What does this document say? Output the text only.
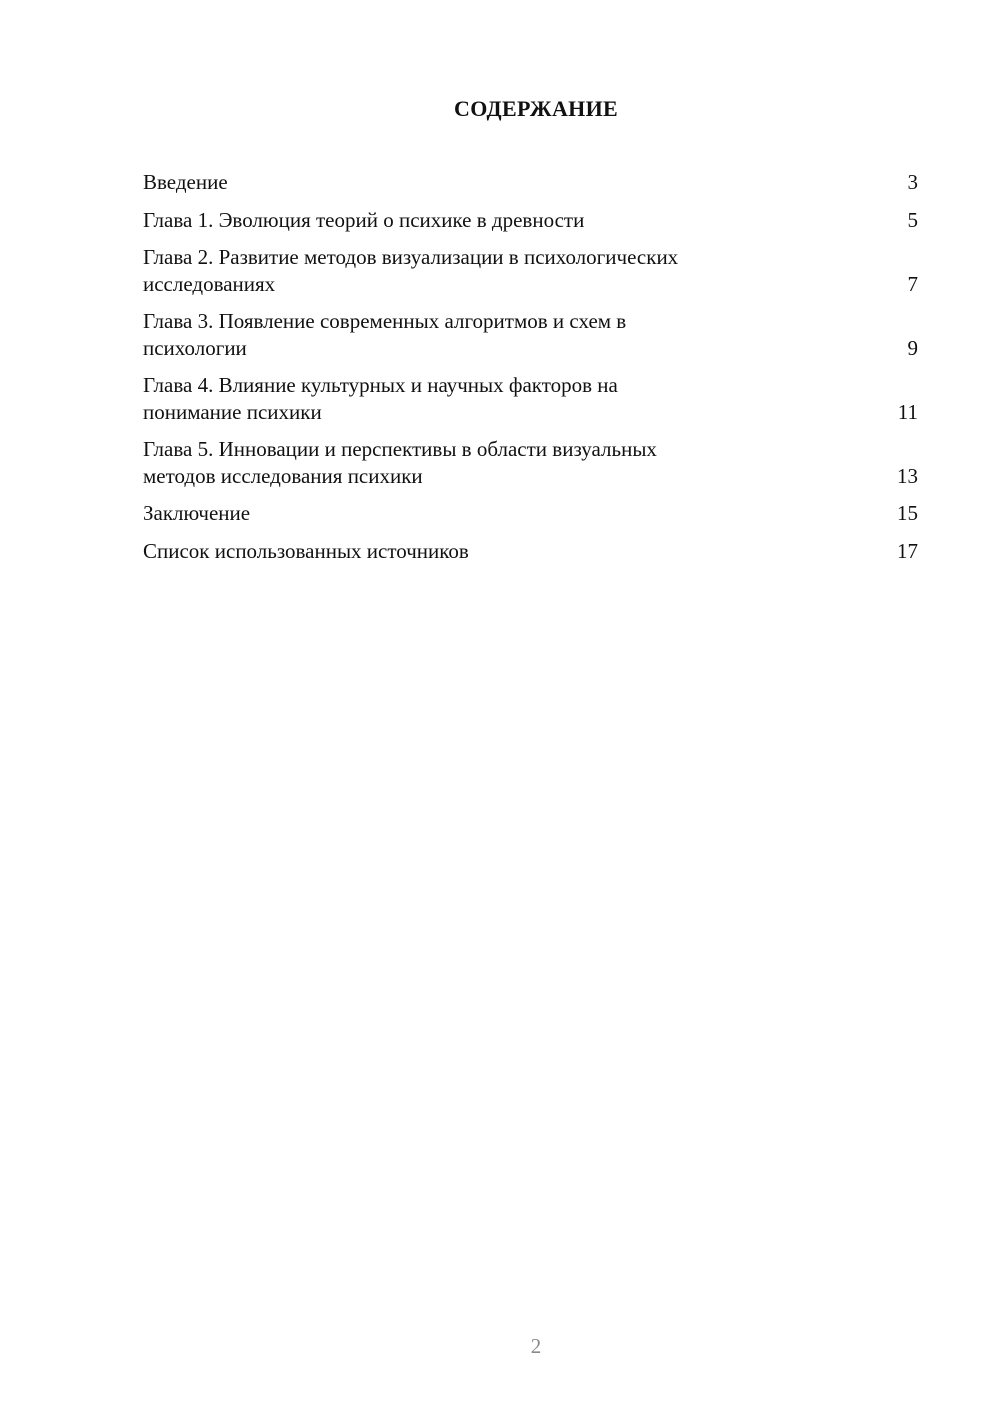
СОДЕРЖАНИЕ
Введение	3
Глава 1. Эволюция теорий о психике в древности	5
Глава 2. Развитие методов визуализации в психологических
исследованиях	7
Глава 3. Появление современных алгоритмов и схем в
психологии	9
Глава 4. Влияние культурных и научных факторов на
понимание психики	11
Глава 5. Инновации и перспективы в области визуальных
методов исследования психики	13
Заключение	15
Список использованных источников	17
2
